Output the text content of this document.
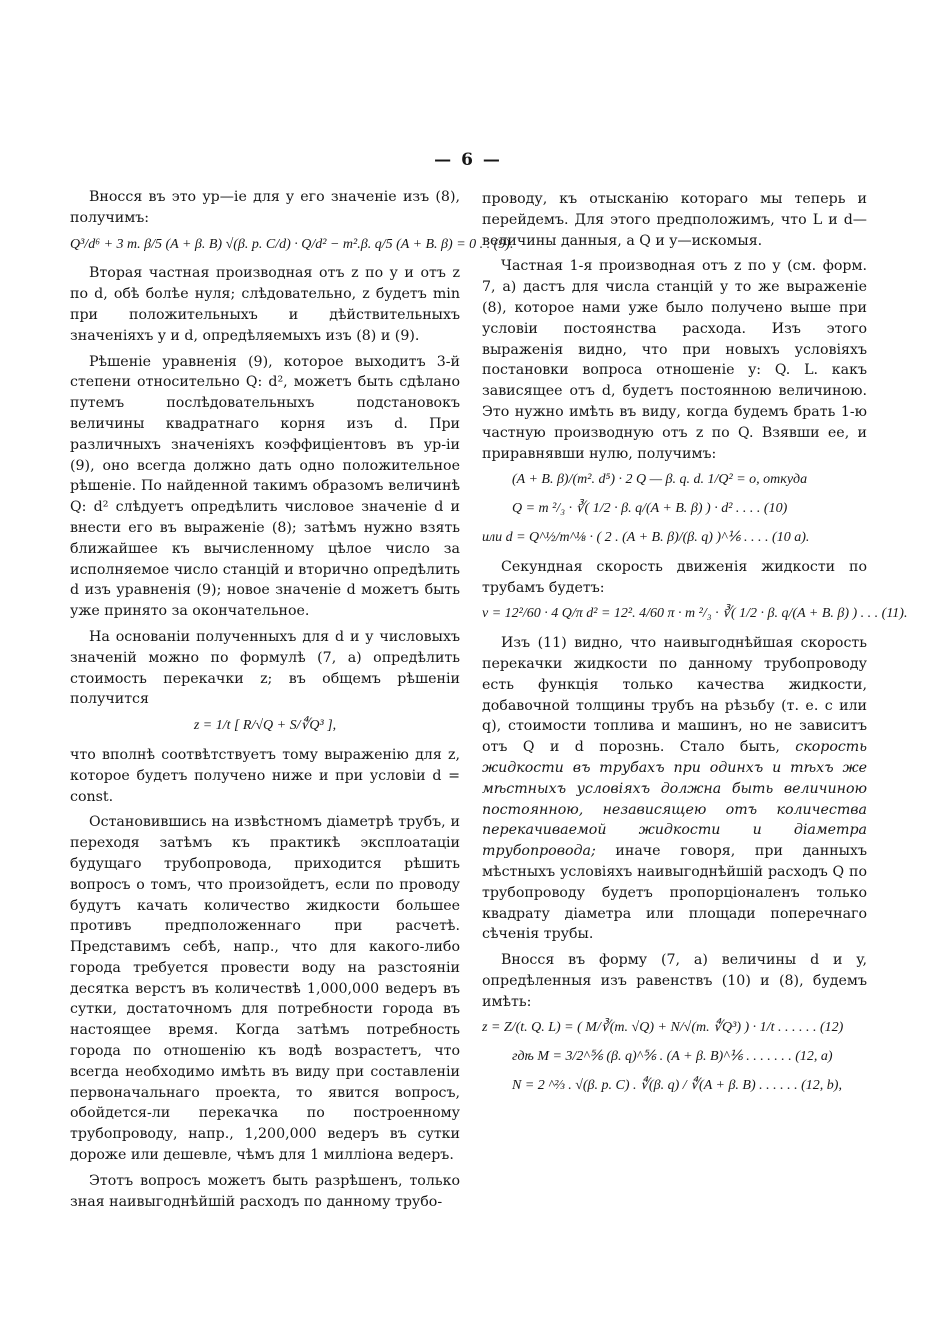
— 6 —

Вносся въ это ур—іе для y его значеніе изъ (8), получимъ:

Q³/d⁶ + 3 m. β/5 (A + β. B) √(β. p. C/d) · Q/d² − m².β. q/5 (A + B. β) = 0 . . (9).

Вторая частная производная отъ z по y и отъ z по d, обѣ болѣе нуля; слѣдовательно, z будетъ min при положительныхъ и дѣйствительныхъ значеніяхъ y и d, опредѣляемыхъ изъ (8) и (9).

Рѣшеніе уравненія (9), которое выходитъ 3-й степени относительно Q: d², можетъ быть сдѣлано путемъ послѣдовательныхъ подстановокъ величины квадратнаго корня изъ d. При различныхъ значеніяхъ коэффиціентовъ въ ур-іи (9), оно всегда должно дать одно положительное рѣшеніе. По найденной такимъ образомъ величинѣ Q: d² слѣдуетъ опредѣлить числовое значеніе d и внести его въ выраженіе (8); затѣмъ нужно взять ближайшее къ вычисленному цѣлое число за исполняемое число станцій и вторично опредѣлить d изъ уравненія (9); новое значеніе d можетъ быть уже принято за окончательное.

На основаніи полученныхъ для d и y числовыхъ значеній можно по формулѣ (7, a) опредѣлить стоимость перекачки z; въ общемъ рѣшеніи получится

z = 1/t [ R/√Q + S/∜Q³ ],

что вполнѣ соотвѣтствуетъ тому выраженію для z, которое будетъ получено ниже и при условіи d = const.

Остановившись на извѣстномъ діаметрѣ трубъ, и переходя затѣмъ къ практикѣ эксплоатаціи будущаго трубопровода, приходится рѣшить вопросъ о томъ, что произойдетъ, если по проводу будутъ качать количество жидкости большее противъ предположеннаго при расчетѣ. Представимъ себѣ, напр., что для какого-либо города требуется провести воду на разстояніи десятка верстъ въ количествѣ 1,000,000 ведеръ въ сутки, достаточномъ для потребности города въ настоящее время. Когда затѣмъ потребность города по отношенію къ водѣ возрастетъ, что всегда необходимо имѣть въ виду при составленіи первоначальнаго проекта, то явится вопросъ, обойдется-ли перекачка по построенному трубопроводу, напр., 1,200,000 ведеръ въ сутки дороже или дешевле, чѣмъ для 1 милліона ведеръ.

Этотъ вопросъ можетъ быть разрѣшенъ, только зная наивыгоднѣйшій расходъ по данному трубо-

проводу, къ отысканію котораго мы теперь и перейдемъ. Для этого предположимъ, что L и d—величины данныя, а Q и y—искомыя.

Частная 1-я производная отъ z по y (см. форм. 7, a) дастъ для числа станцій y то же выраженіе (8), которое нами уже было получено выше при условіи постоянства расхода. Изъ этого выраженія видно, что при новыхъ условіяхъ постановки вопроса отношеніе y: Q. L. какъ зависящее отъ d, будетъ постоянною величиною. Это нужно имѣть въ виду, когда будемъ брать 1-ю частную производную отъ z по Q. Взявши ее, и приравнявши нулю, получимъ:

(A + B. β)/(m². d⁵) · 2 Q — β. q. d. 1/Q² = o, откуда
Q = m ²/₃ · ∛( 1/2 · β. q/(A + B. β) ) · d² . . . . (10)
или d = Q^½/m^⅛ · ( 2 . (A + B. β)/(β. q) )^⅙ . . . . (10 a).

Секундная скорость движенія жидкости по трубамъ будетъ:

v = 12²/60 · 4 Q/π d² = 12². 4/60 π · m ²/₃ · ∛( 1/2 · β. q/(A + B. β) ) . . . (11).

Изъ (11) видно, что наивыгоднѣйшая скорость перекачки жидкости по данному трубопроводу есть функція только качества жидкости, добавочной толщины трубъ на рѣзьбу (т. е. c или q), стоимости топлива и машинъ, но не зависитъ отъ Q и d порознь. Стало быть, скорость жидкости въ трубахъ при одинхъ и тѣхъ же мѣстныхъ условіяхъ должна быть величиною постоянною, независящею отъ количества перекачиваемой жидкости и діаметра трубопровода; иначе говоря, при данныхъ мѣстныхъ условіяхъ наивыгоднѣйшій расходъ Q по трубопроводу будетъ пропорціоналенъ только квадрату діаметра или площади поперечнаго сѣченія трубы.

Вносся въ форму (7, a) величины d и y, опредѣленныя изъ равенствъ (10) и (8), будемъ имѣть:

z = Z/(t. Q. L) = ( M/∛(m. √Q) + N/√(m. ∜Q³) ) · 1/t . . . . . . (12)
гдѣ M = 3/2^⅚ (β. q)^⅚ . (A + β. B)^⅙ . . . . . . . (12, a)
N = 2 ^⅔ . √(β. p. C) . ∜(β. q) / ∜(A + β. B) . . . . . . (12, b),
